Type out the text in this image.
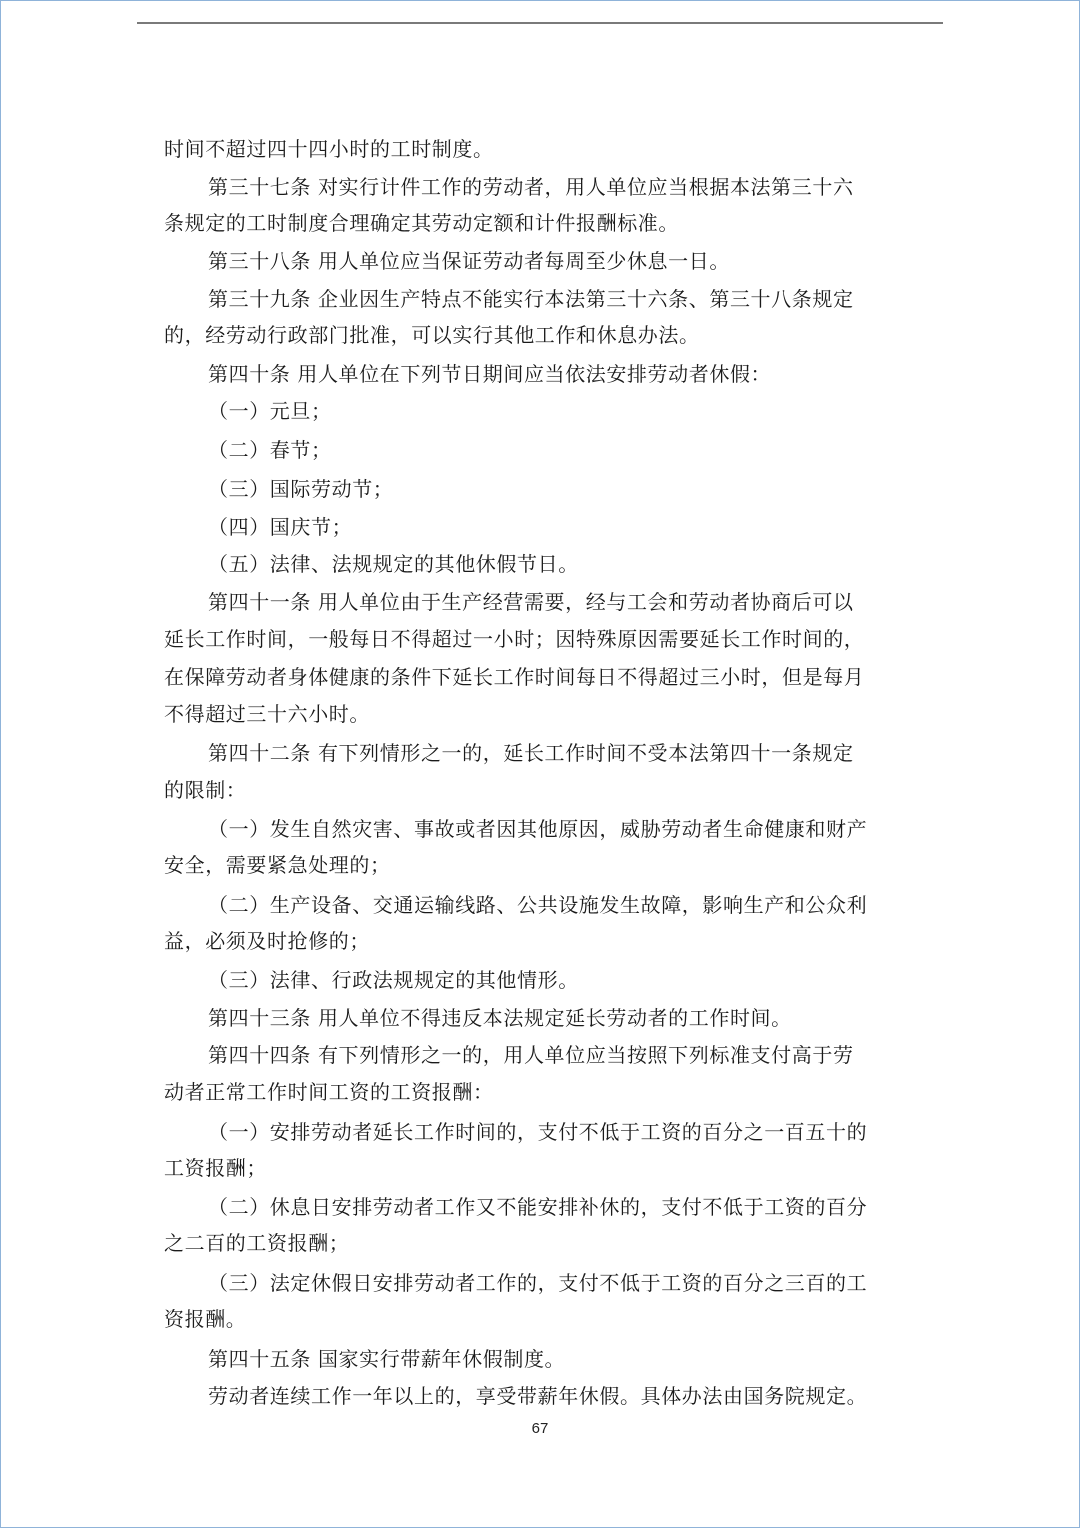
时间不超过四十四小时的工时制度。
第三十七条 对实行计件工作的劳动者，用人单位应当根据本法第三十六
条规定的工时制度合理确定其劳动定额和计件报酬标准。
第三十八条 用人单位应当保证劳动者每周至少休息一日。
第三十九条 企业因生产特点不能实行本法第三十六条、第三十八条规定
的，经劳动行政部门批准，可以实行其他工作和休息办法。
第四十条 用人单位在下列节日期间应当依法安排劳动者休假：
（一）元旦；
（二）春节；
（三）国际劳动节；
（四）国庆节；
（五）法律、法规规定的其他休假节日。
第四十一条 用人单位由于生产经营需要，经与工会和劳动者协商后可以
延长工作时间，一般每日不得超过一小时；因特殊原因需要延长工作时间的，
在保障劳动者身体健康的条件下延长工作时间每日不得超过三小时，但是每月
不得超过三十六小时。
第四十二条 有下列情形之一的，延长工作时间不受本法第四十一条规定
的限制：
（一）发生自然灾害、事故或者因其他原因，威胁劳动者生命健康和财产
安全，需要紧急处理的；
（二）生产设备、交通运输线路、公共设施发生故障，影响生产和公众利
益，必须及时抢修的；
（三）法律、行政法规规定的其他情形。
第四十三条 用人单位不得违反本法规定延长劳动者的工作时间。
第四十四条 有下列情形之一的，用人单位应当按照下列标准支付高于劳
动者正常工作时间工资的工资报酬：
（一）安排劳动者延长工作时间的，支付不低于工资的百分之一百五十的
工资报酬；
（二）休息日安排劳动者工作又不能安排补休的，支付不低于工资的百分
之二百的工资报酬；
（三）法定休假日安排劳动者工作的，支付不低于工资的百分之三百的工
资报酬。
第四十五条 国家实行带薪年休假制度。
劳动者连续工作一年以上的，享受带薪年休假。具体办法由国务院规定。
67
